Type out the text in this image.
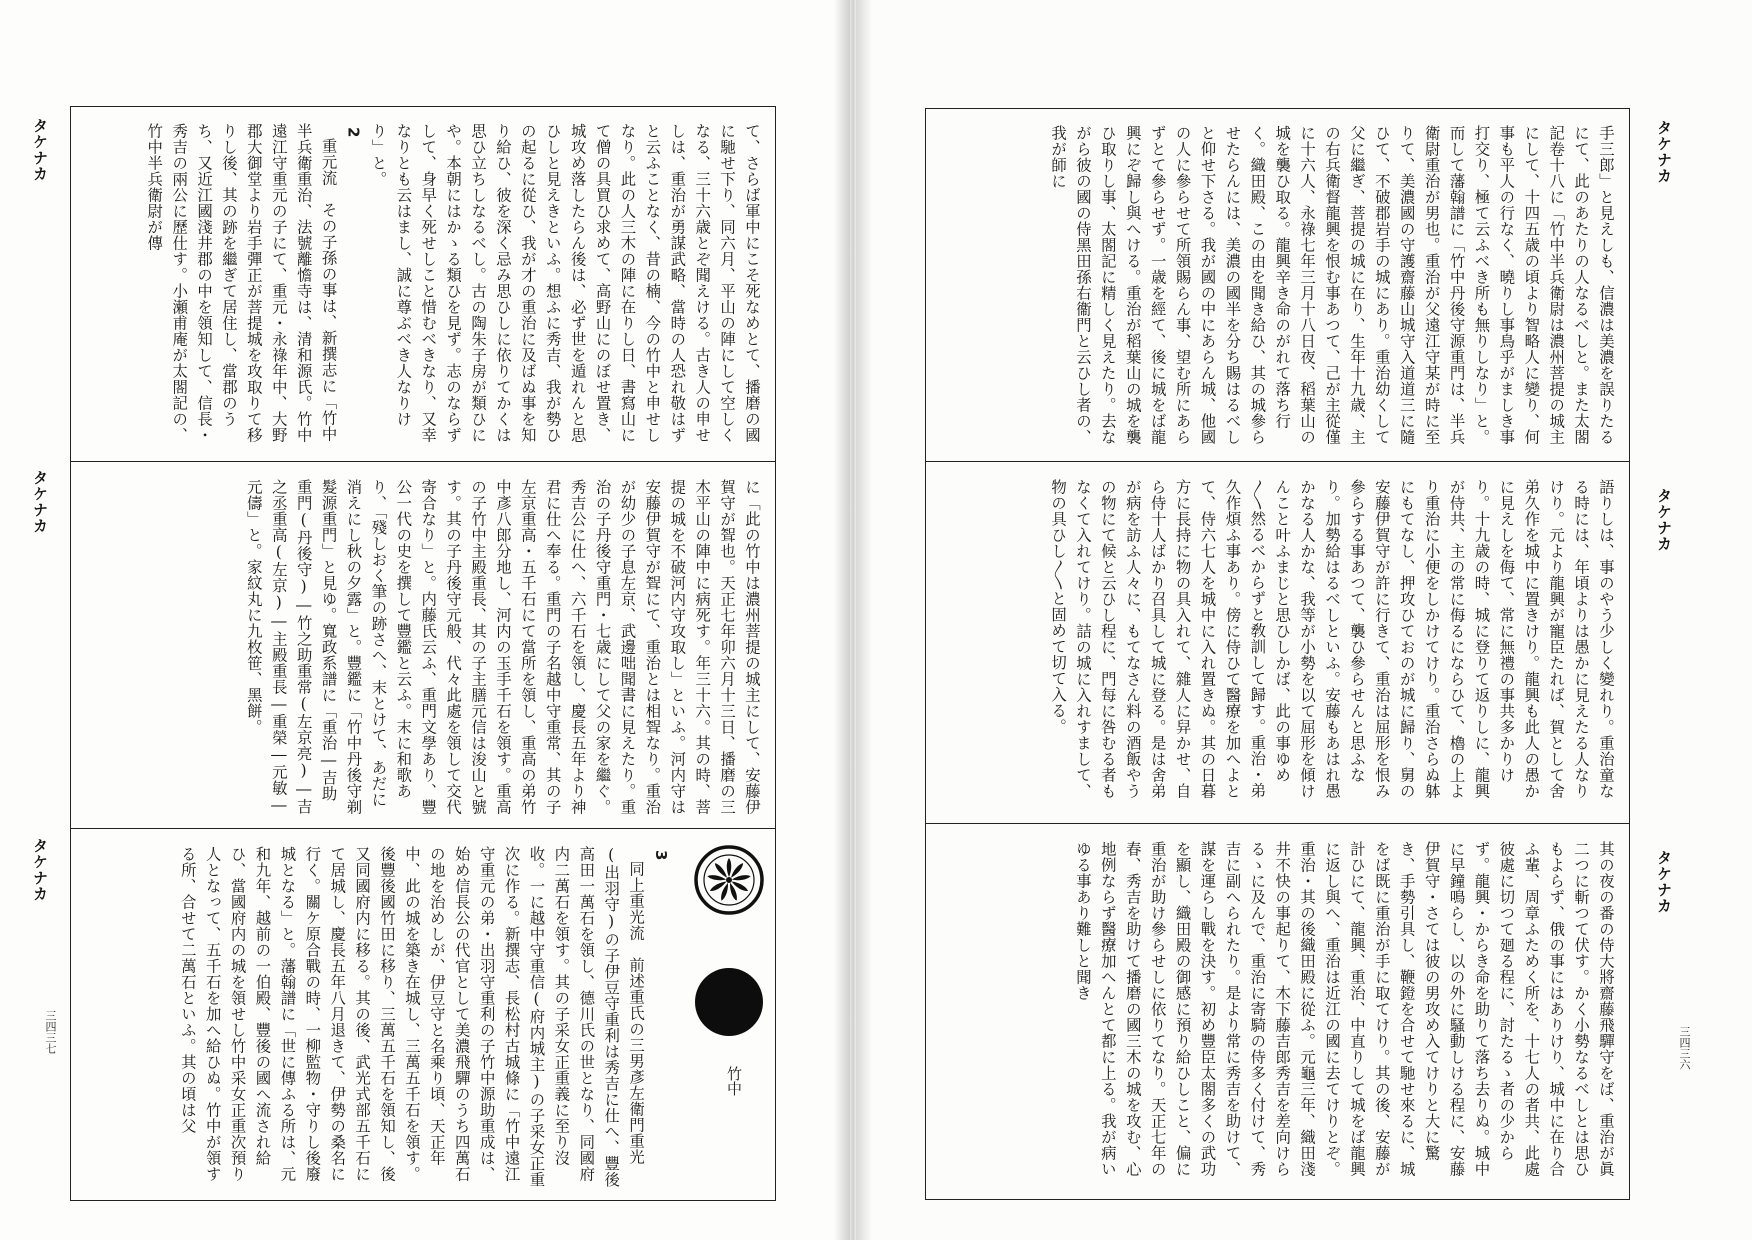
タケナカ
タケナカ
タケナカ
三四三七

て、さらば軍中にこそ死なめとて、播磨の國に馳せ下り、同六月、平山の陣にして空しくなる、三十六歳とぞ聞えける。古き人の申せしは、重治が勇謀武略、當時の人恐れ敬はずと云ふことなく、昔の楠、今の竹中と申せしなり。此の人三木の陣に在りし日、書寫山にて僧の具買ひ求めて、高野山にのぼせ置き、城攻め落したらん後は、必ず世を遁れんと思ひしと見えきといふ。想ふに秀吉、我が勢ひの起るに從ひ、我が才の重治に及ばぬ事を知り給ひ、彼を深く忌み思ひしに依りてかくは思ひ立ちしなるべし。古の陶朱子房が類ひにや。本朝にはかゝる類ひを見ず。志のならずして、身早く死せしこと惜むべきなり、又幸なりとも云はまし、誠に尊ぶべき人なりけり」と。

2

重元流　その子孫の事は、新撰志に「竹中半兵衛重治、法號離憺寺は、清和源氏。竹中遠江守重元の子にて、重元・永祿年中、大野郡大御堂より岩手彈正が菩提城を攻取りて移りし後、其の跡を繼ぎて居住し、當郡のうち、又近江國淺井郡の中を領知して、信長・秀吉の兩公に歷仕す。小瀬甫庵が太閤記の、竹中半兵衛尉が傳

に「此の竹中は濃州菩提の城主にして、安藤伊賀守が聟也。天正七年卯六月十三日、播磨の三木平山の陣中に病死す。年三十六。其の時、菩提の城を不破河内守攻取し」といふ。河内守は安藤伊賀守が聟にて、重治とは相聟なり。重治が幼少の子息左京、武邊咄聞書に見えたり。重治の子丹後守重門・七歳にして父の家を繼ぐ。秀吉公に仕へ、六千石を領し、慶長五年より神君に仕へ奉る。重門の子名越中守重常、其の子左京重高・五千石にて當所を領し、重高の弟竹中彥八郎分地し、河内の玉手千石を領す。重高の子竹中主殿重長、其の子主膳元信は浚山と號す。其の子丹後守元般、代々此處を領して交代寄合なり」と。内藤氏云ふ、重門文學あり、豐公一代の史を撰して豐鑑と云ふ。末に和歌あり、「殘しおく筆の跡さへ、末とけて、あだに消えにし秋の夕露」と。豐鑑に「竹中丹後守剃髮源重門」と見ゆ。寬政系譜に「重治―吉助重門(丹後守)―竹之助重常(左京亮)―吉之丞重高(左京)―主殿重長―重榮―元敏―元儔」と。家紋丸に九枚笹、黑餅。

3

同上重光流　前述重氏の三男彥左衛門重光(出羽守)の子伊豆守重利は秀吉に仕へ、豐後高田一萬石を領し、德川氏の世となり、同國府内二萬石を領す。其の子采女正重義に至り沒收。一に越中守重信(府内城主)の子采女正重次に作る。新撰志、長松村古城條に「竹中遠江守重元の弟・出羽守重利の子竹中源助重成は、始め信長公の代官として美濃飛驒のうち四萬石の地を治めしが、伊豆守と名乘り頃、天正年中、此の城を築き在城し、三萬五千石を領す。後豐後國竹田に移り、三萬五千石を領知し、後又同國府内に移る。其の後、武光式部五千石にて居城し、慶長五年八月退きて、伊勢の桑名に行く。關ケ原合戰の時、一柳監物・守りし後廢城となる」と。藩翰譜に「世に傳ふる所は、元和九年、越前の一伯殿、豐後の國へ流され給ひ、當國府内の城を領せし竹中采女正重次預り人となって、五千石を加へ給ひぬ。竹中が領する所、合せて二萬石といふ。其の頃は父	竹中

手三郎」と見えしも、信濃は美濃を誤りたるにて、此のあたりの人なるべしと。また太閤記卷十八に「竹中半兵衛尉は濃州菩提の城主にして、十四五歳の頃より智略人に變り、何事も平人の行なく、曉りし事鳥乎がましき事打交り、極て云ふべき所も無りしなり」と。而して藩翰譜に「竹中丹後守源重門は、半兵衛尉重治が男也。重治が父遠江守某が時に至りて、美濃國の守護齋藤山城守入道道三に隨ひて、不破郡岩手の城にあり。重治幼くして父に繼ぎ、菩提の城に在り、生年十九歳、主の右兵衛督龍興を恨む事あつて、己が主從僅に十六人、永祿七年三月十八日夜、稻葉山の城を襲ひ取る。龍興辛き命のがれて落ち行く。織田殿、この由を聞き給ひ、其の城參らせたらんには、美濃の國半を分ち賜はるべしと仰せ下さる。我が國の中にあらん城、他國の人に參らせて所領賜らん事、望む所にあらずとて參らせず。一歳を經て、後に城をば龍興にぞ歸し與へける。重治が稻葉山の城を襲ひ取りし事、太閤記に精しく見えたり。去ながら彼の國の侍黑田孫右衞門と云ひし者の、我が師に

語りしは、事のやう少しく變れり。重治童なる時には、年頃よりは愚かに見えたる人なりけり。元より龍興が寵臣たれば、賀として舍弟久作を城中に置きけり。龍興も此人の愚かに見えしを侮て、常に無禮の事共多かりけり。十九歳の時、城に登りて返りしに、龍興が侍共、主の常に侮るにならひて、櫓の上より重治に小便をしかけてけり。重治さらぬ躰にもてなし、押攻ひておのが城に歸り、舅の安藤伊賀守が許に行きて、重治は屈形を恨み參らする事あつて、襲ひ參らせんと思ふなり。加勢給はるべしといふ。安藤もあはれ愚かなる人かな、我等が小勢を以て屈形を傾けんこと叶ふまじと思ひしかば、此の事ゆめ〳〵然るべからずと敎訓して歸す。重治・弟久作煩ふ事あり。傍に侍ひて醫療を加へよとて、侍六七人を城中に入れ置きぬ。其の日暮方に長持に物の具入れて、雜人に舁かせ、自ら侍十人ばかり召具して城に登る。是は舍弟が病を訪ふ人々に、もてなさん料の酒飯やうの物にて候と云ひし程に、門每に咎むる者もなくて入れてけり。詰の城に入れすまして、物の具ひし〳〵と固めて切て入る。

其の夜の番の侍大將齋藤飛驒守をば、重治が眞二つに斬つて伏す。かく小勢なるべしとは思ひもよらず、俄の事にはありけり、城中に在り合ふ輩、周章ふためく所を、十七人の者共、此處彼處に切つて廻る程に、討たるゝ者の少からず。龍興・からき命を助りて落ち去りぬ。城中に早鐘鳴らし、以の外に騷動しける程に、安藤伊賀守・さては彼の男攻め入てけりと大に驚き、手勢引具し、鞭鐙を合せて馳せ來るに、城をば既に重治が手に取てけり。其の後、安藤が計ひにて、龍興、重治、中直りして城をば龍興に返し與へ、重治は近江の國に去てけりとぞ。重治・其の後織田殿に從ふ。元龜三年、織田淺井不快の事起りて、木下藤吉郎秀吉を差向けらるゝに及んで、重治に寄騎の侍多く付けて、秀吉に副へられたり。是より常に秀吉を助けて、謀を運らし戰を決す。初め豐臣太閤多くの武功を顯し、織田殿の御感に預り給ひしこと、偏に重治が助け參らせしに依りてなり。天正七年の春、秀吉を助けて播磨の國三木の城を攻む、心地例ならず醫療加へんとて都に上る。我が病いゆる事あり難しと聞き

タケナカ
タケナカ
タケナカ
三四三六
